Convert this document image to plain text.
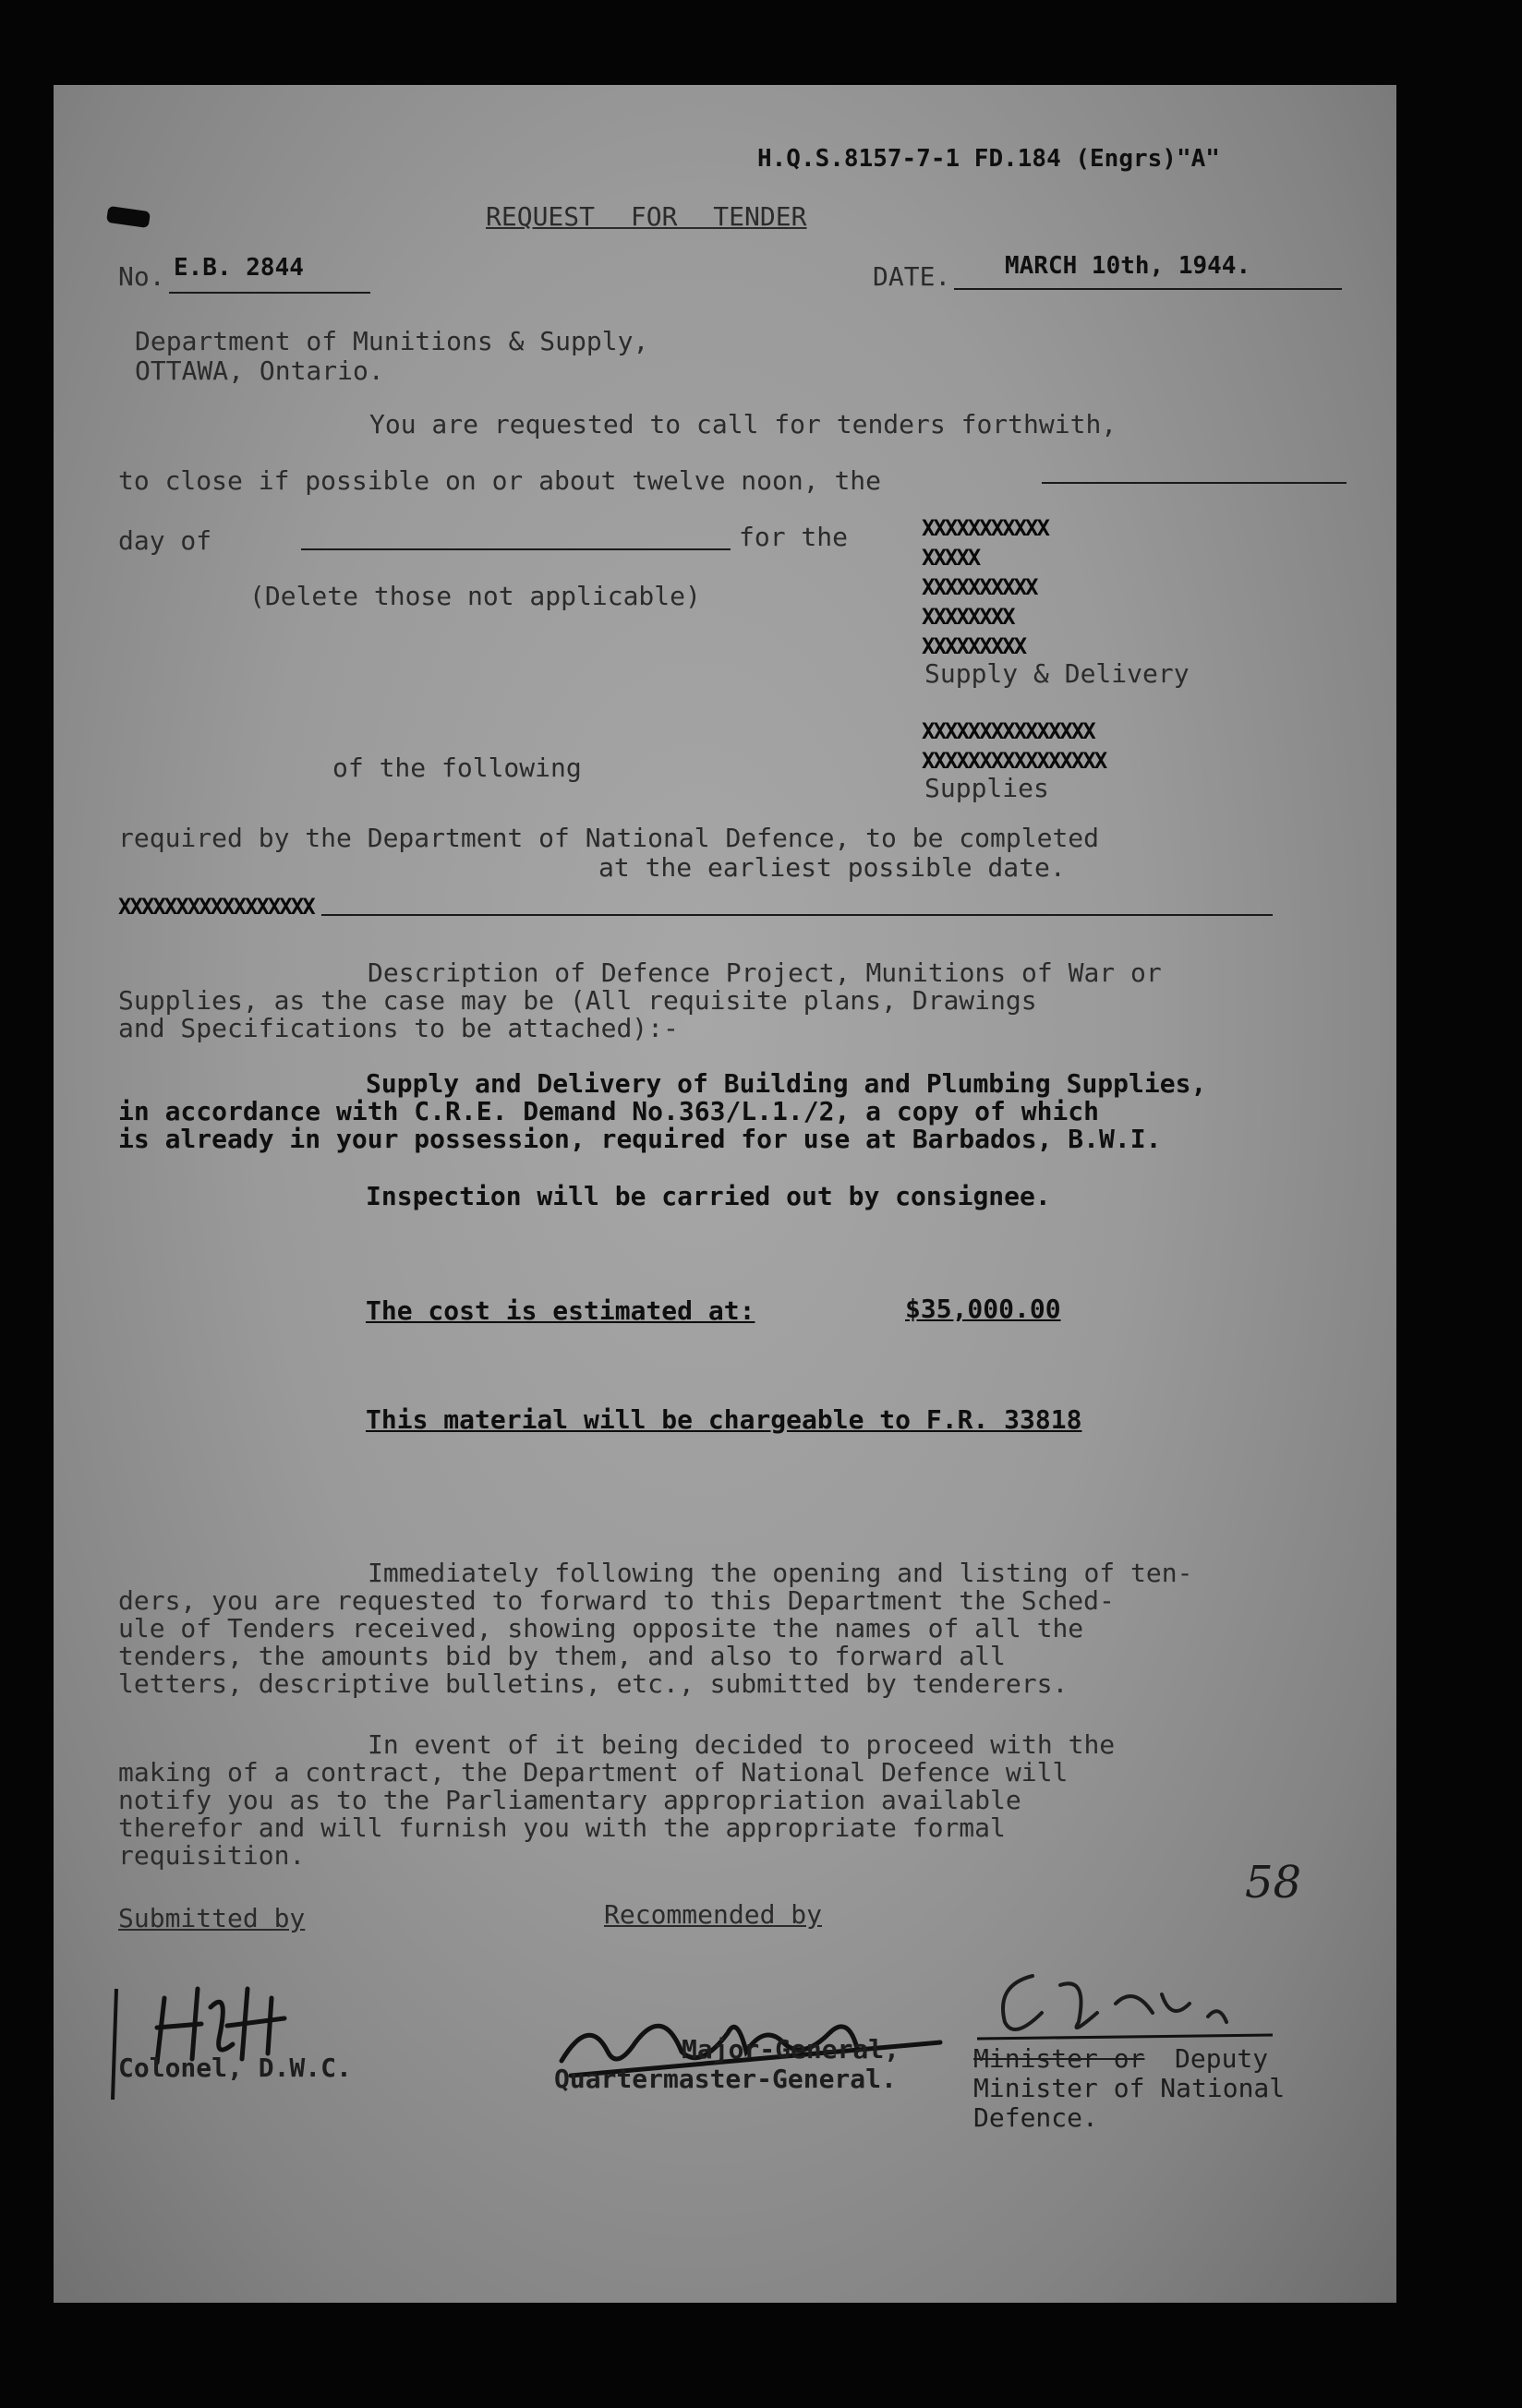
H.Q.S.8157-7-1 FD.184 (Engrs)"A"
REQUEST FOR TENDER
No. E.B. 2844	DATE. MARCH 10th, 1944.
Department of Munitions & Supply,
OTTAWA, Ontario.
You are requested to call for tenders forthwith,
to close if possible on or about twelve noon, the
day of	for the
(Delete those not applicable)
XXXXXXXXXXX
XXXXX
XXXXXXXXXX
XXXXXXXX
XXXXXXXXX
Supply & Delivery
of the following
XXXXXXXXXXXXXXX
XXXXXXXXXXXXXXXX
Supplies
required by the Department of National Defence, to be completed
at the earliest possible date.
XXXXXXXXXXXXXXXXX
Description of Defence Project, Munitions of War or
Supplies, as the case may be (All requisite plans, Drawings
and Specifications to be attached):-
Supply and Delivery of Building and Plumbing Supplies,
in accordance with C.R.E. Demand No.363/L.1./2, a copy of which
is already in your possession, required for use at Barbados, B.W.I.
Inspection will be carried out by consignee.
The cost is estimated at:	$35,000.00
This material will be chargeable to F.R. 33818
Immediately following the opening and listing of ten-
ders, you are requested to forward to this Department the Sched-
ule of Tenders received, showing opposite the names of all the
tenders, the amounts bid by them, and also to forward all
letters, descriptive bulletins, etc., submitted by tenderers.
In event of it being decided to proceed with the
making of a contract, the Department of National Defence will
notify you as to the Parliamentary appropriation available
therefor and will furnish you with the appropriate formal
requisition.
58
Submitted by	Recommended by
Colonel, D.W.C.
Major-General,
Quartermaster-General.
Minister or Deputy
Minister of National
Defence.
